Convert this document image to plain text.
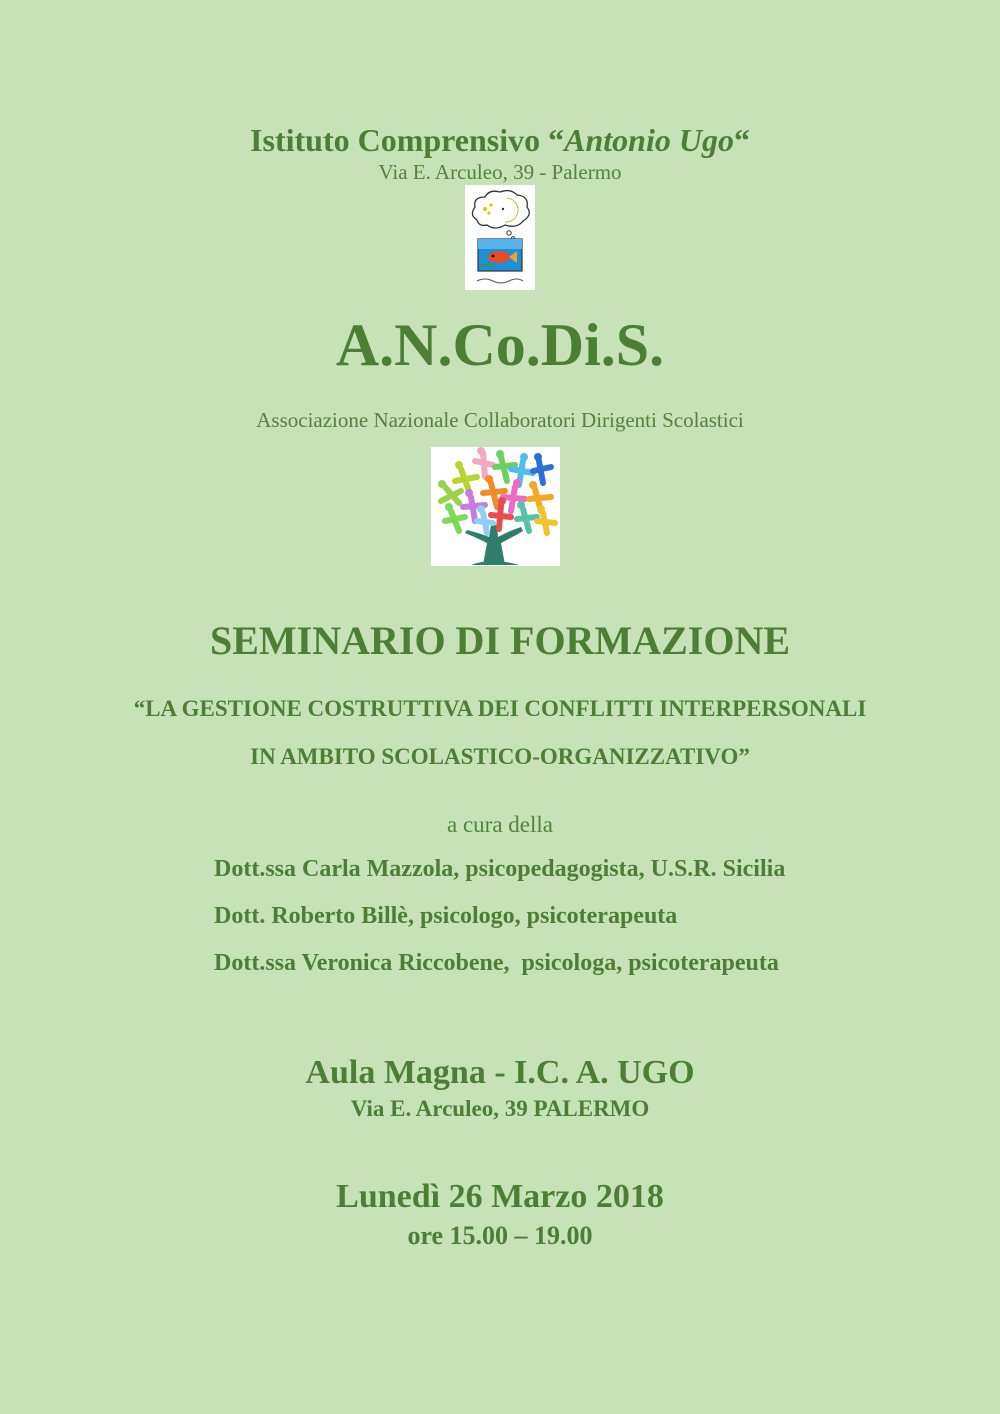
Istituto Comprensivo “Antonio Ugo“
Via E. Arculeo, 39 - Palermo
A.N.Co.Di.S.
Associazione Nazionale Collaboratori Dirigenti Scolastici
SEMINARIO DI FORMAZIONE
“LA GESTIONE COSTRUTTIVA DEI CONFLITTI INTERPERSONALI
IN AMBITO SCOLASTICO-ORGANIZZATIVO”
a cura della
Dott.ssa Carla Mazzola, psicopedagogista, U.S.R. Sicilia
Dott. Roberto Billè, psicologo, psicoterapeuta
Dott.ssa Veronica Riccobene,  psicologa, psicoterapeuta
Aula Magna - I.C. A. UGO
Via E. Arculeo, 39 PALERMO
Lunedì 26 Marzo 2018
ore 15.00 – 19.00
